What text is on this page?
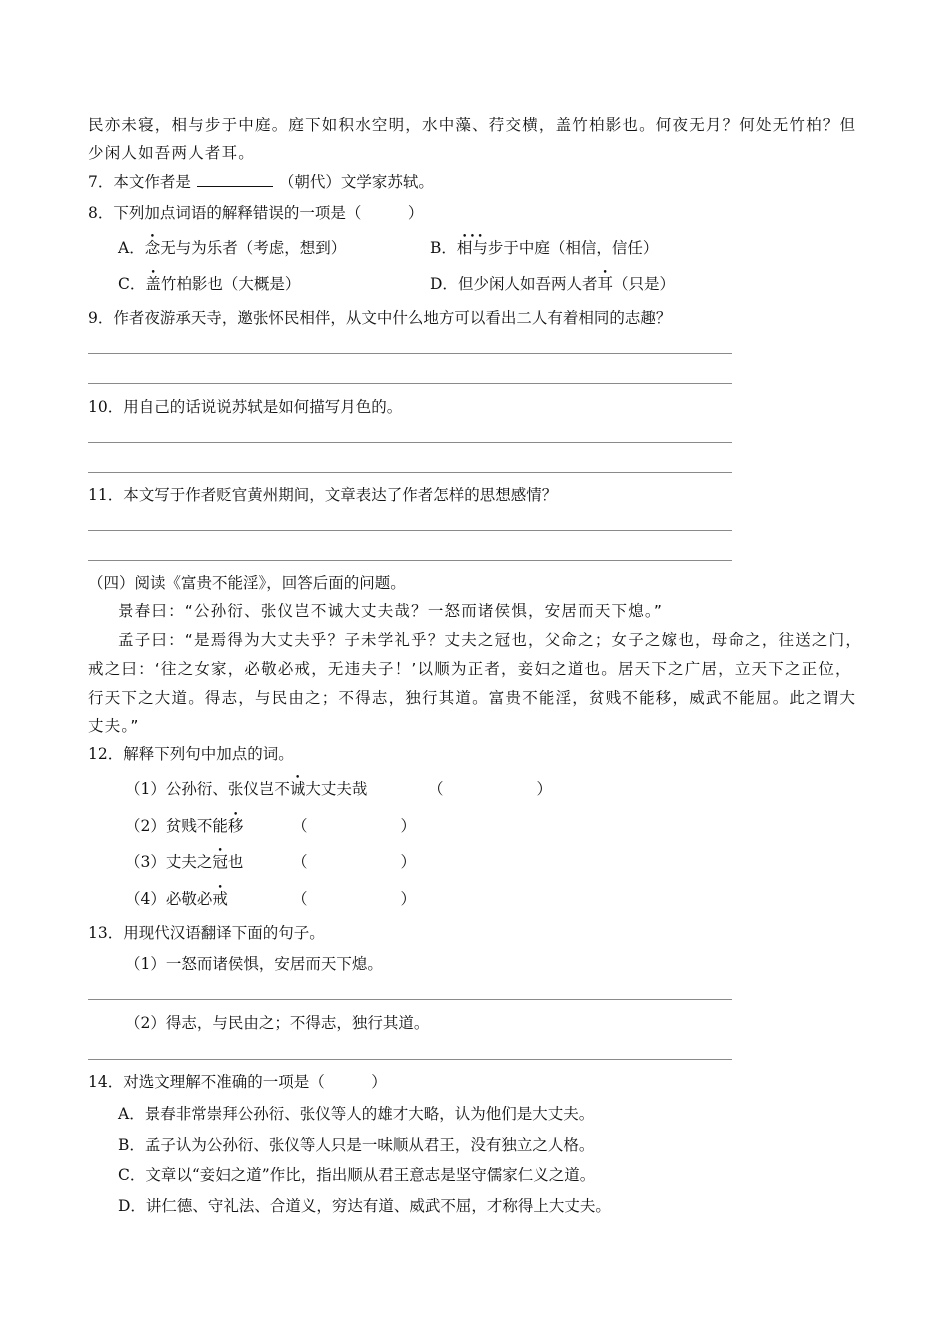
民亦未寝，相与步于中庭。庭下如积水空明，水中藻、荇交横，盖竹柏影也。何夜无月？何处无竹柏？但
少闲人如吾两人者耳。
7．本文作者是	（朝代）文学家苏轼。
8．下列加点词语的解释错误的一项是（　　　）
A．念无与为乐者（考虑，想到）	B．相与步于中庭（相信，信任）
C．盖竹柏影也（大概是）	D．但少闲人如吾两人者耳（只是）
9．作者夜游承天寺，邀张怀民相伴，从文中什么地方可以看出二人有着相同的志趣？
10．用自己的话说说苏轼是如何描写月色的。
11．本文写于作者贬官黄州期间，文章表达了作者怎样的思想感情？
（四）阅读《富贵不能淫》，回答后面的问题。
景春曰：“公孙衍、张仪岂不诚大丈夫哉？一怒而诸侯惧，安居而天下熄。”
孟子曰：“是焉得为大丈夫乎？子未学礼乎？丈夫之冠也，父命之；女子之嫁也，母命之，往送之门，
戒之曰：‘往之女家，必敬必戒，无违夫子！’以顺为正者，妾妇之道也。居天下之广居，立天下之正位，
行天下之大道。得志，与民由之；不得志，独行其道。富贵不能淫，贫贱不能移，威武不能屈。此之谓大
丈夫。”
12．解释下列句中加点的词。
（1）公孙衍、张仪岂不诚大丈夫哉	（　　　　　　）
（2）贫贱不能移	（　　　　　　）
（3）丈夫之冠也	（　　　　　　）
（4）必敬必戒	（　　　　　　）
13．用现代汉语翻译下面的句子。
（1）一怒而诸侯惧，安居而天下熄。
（2）得志，与民由之；不得志，独行其道。
14．对选文理解不准确的一项是（　　　）
A．景春非常崇拜公孙衍、张仪等人的雄才大略，认为他们是大丈夫。
B．孟子认为公孙衍、张仪等人只是一味顺从君王，没有独立之人格。
C．文章以“妾妇之道”作比，指出顺从君王意志是坚守儒家仁义之道。
D．讲仁德、守礼法、合道义，穷达有道、威武不屈，才称得上大丈夫。
